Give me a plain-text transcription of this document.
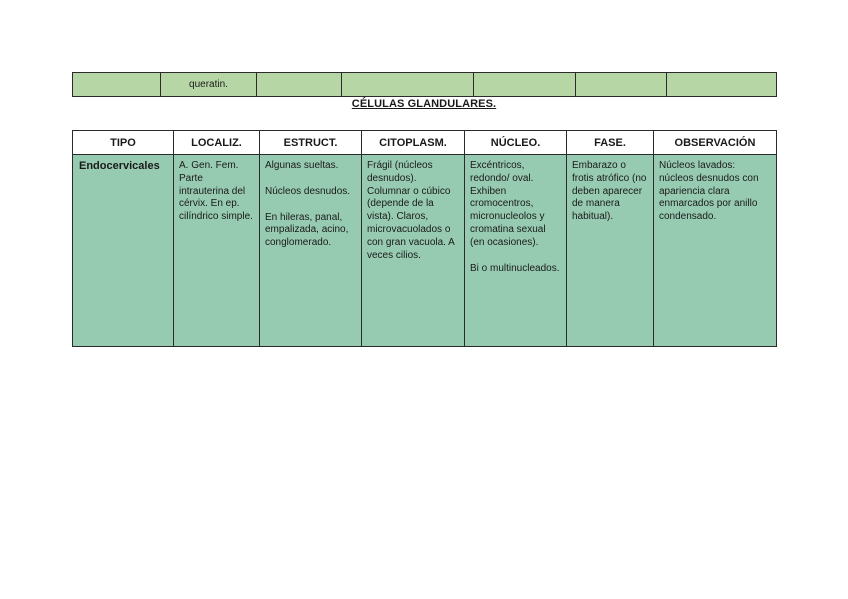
	queratin.					
CÉLULAS GLANDULARES.
TIPO	LOCALIZ.	ESTRUCT.	CITOPLASM.	NÚCLEO.	FASE.	OBSERVACIÓN
Endocervicales	A. Gen. Fem. Parte intrauterina del cérvix. En ep. cilíndrico simple.	Algunas sueltas.
Núcleos desnudos.
En hileras, panal, empalizada, acino, conglomerado.	Frágil (núcleos desnudos). Columnar o cúbico (depende de la vista). Claros, microvacuolados o con gran vacuola. A veces cilios.	Excéntricos, redondo/ oval. Exhiben cromocentros, micronucleolos y cromatina sexual (en ocasiones).
Bi o multinucleados.	Embarazo o frotis atrófico (no deben aparecer de manera habitual).	Núcleos lavados: núcleos desnudos con apariencia clara enmarcados por anillo condensado.
